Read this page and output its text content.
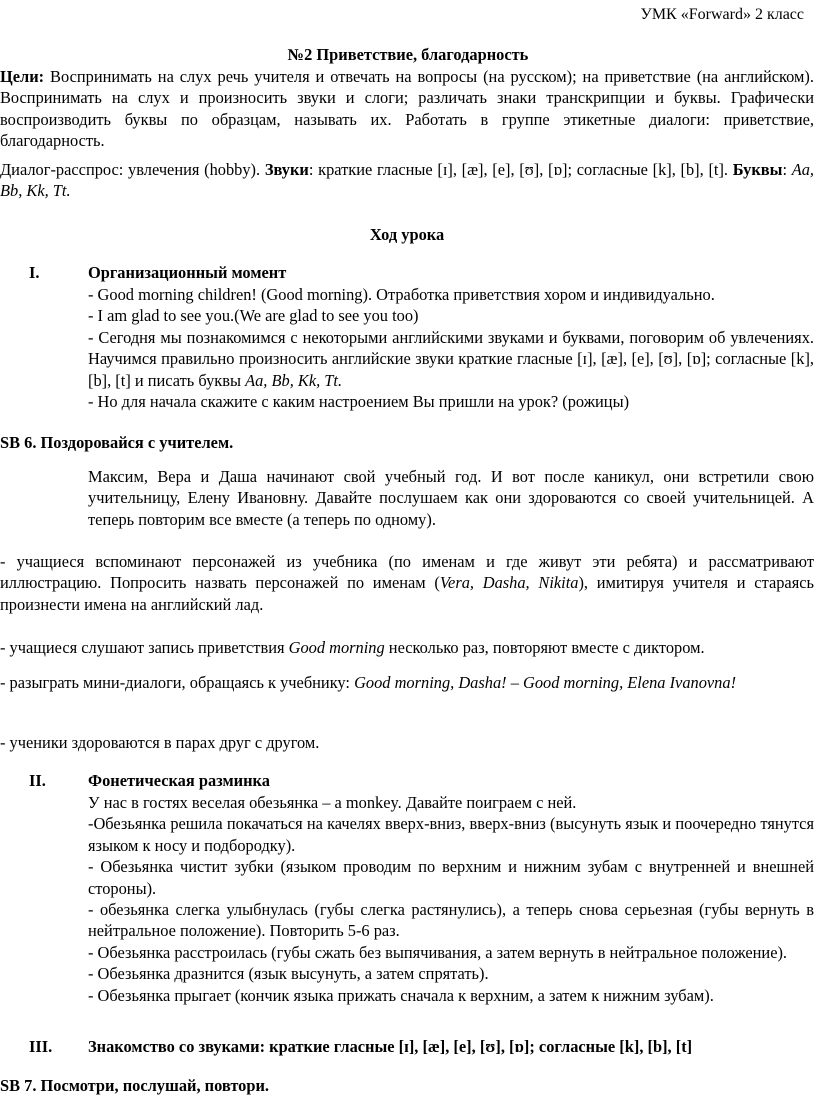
УМК «Forward» 2 класс
№2 Приветствие, благодарность
Цели: Воспринимать на слух речь учителя и отвечать на вопросы (на русском); на приветствие (на английском). Воспринимать на слух и произносить звуки и слоги; различать знаки транскрипции и буквы. Графически воспроизводить буквы по образцам, называть их. Работать в группе этикетные диалоги: приветствие, благодарность.
Диалог-расспрос: увлечения (hobby). Звуки: краткие гласные [ɪ], [æ], [e], [ʊ], [ɒ]; согласные [k], [b], [t]. Буквы: Aa, Bb, Kk, Tt.
Ход урока
I.	Организационный момент
- Good morning children! (Good morning). Отработка приветствия хором и индивидуально.
- I am glad to see you.(We are glad to see you too)
- Сегодня мы познакомимся с некоторыми английскими звуками и буквами, поговорим об увлечениях. Научимся правильно произносить английские звуки краткие гласные [ɪ], [æ], [e], [ʊ], [ɒ]; согласные [k], [b], [t] и писать буквы Aa, Bb, Kk, Tt.
- Но для начала скажите с каким настроением Вы пришли на урок? (рожицы)
SB 6. Поздоровайся с учителем.
Максим, Вера и Даша начинают свой учебный год. И вот после каникул, они встретили свою учительницу, Елену Ивановну. Давайте послушаем как они здороваются со своей учительницей. А теперь повторим все вместе (а теперь по одному).
- учащиеся вспоминают персонажей из учебника (по именам и где живут эти ребята) и рассматривают иллюстрацию. Попросить назвать персонажей по именам (Vera, Dasha, Nikita), имитируя учителя и стараясь произнести имена на английский лад.
- учащиеся слушают запись приветствия Good morning несколько раз, повторяют вместе с диктором.
- разыграть мини-диалоги, обращаясь к учебнику: Good morning, Dasha! – Good morning, Elena Ivanovna!
- ученики здороваются в парах друг с другом.
II.	Фонетическая разминка
У нас в гостях веселая обезьянка – a monkey. Давайте поиграем с ней.
-Обезьянка решила покачаться на качелях вверх-вниз, вверх-вниз (высунуть язык и поочередно тянутся языком к носу и подбородку).
- Обезьянка чистит зубки (языком проводим по верхним и нижним зубам с внутренней и внешней стороны).
- обезьянка слегка улыбнулась (губы слегка растянулись), а теперь снова серьезная (губы вернуть в нейтральное положение). Повторить 5-6 раз.
- Обезьянка расстроилась (губы сжать без выпячивания, а затем вернуть в нейтральное положение).
- Обезьянка дразнится (язык высунуть, а затем спрятать).
- Обезьянка прыгает (кончик языка прижать сначала к верхним, а затем к нижним зубам).
III. Знакомство со звуками: краткие гласные [ɪ], [æ], [e], [ʊ], [ɒ]; согласные [k], [b], [t]
SB 7. Посмотри, послушай, повтори.
